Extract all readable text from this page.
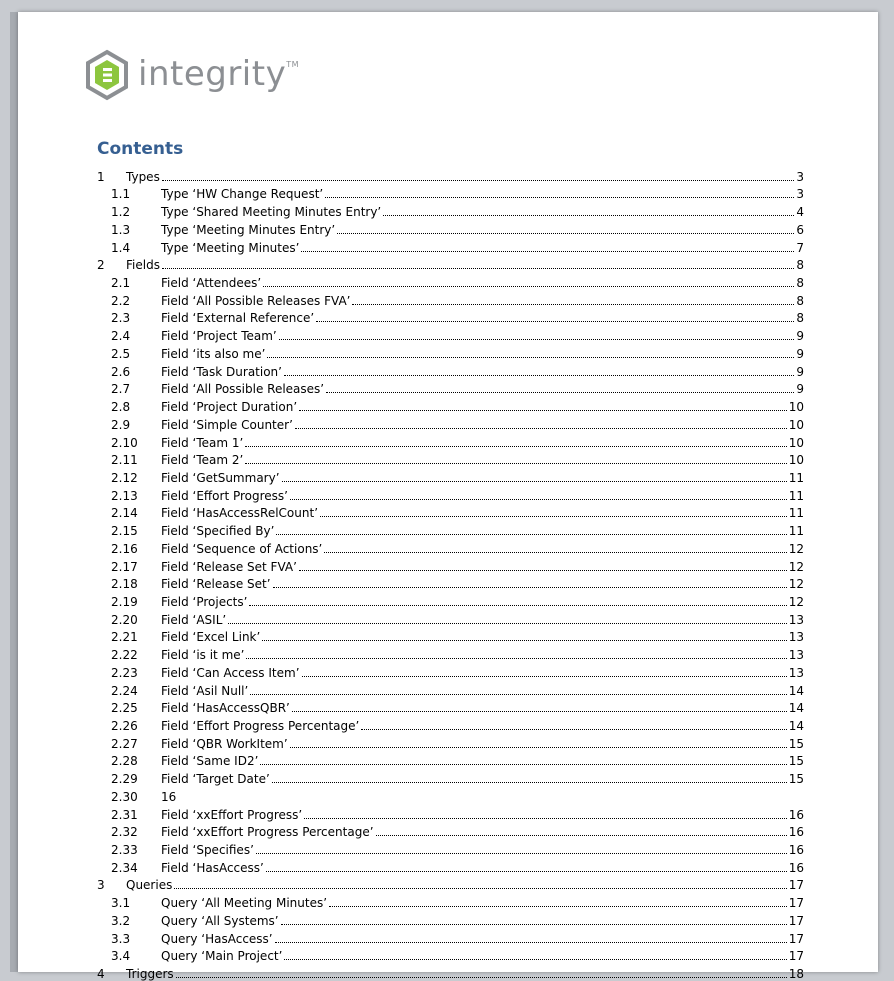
integrity™
Contents
1	Types	3
1.1	Type ‘HW Change Request’	3
1.2	Type ‘Shared Meeting Minutes Entry’	4
1.3	Type ‘Meeting Minutes Entry’	6
1.4	Type ‘Meeting Minutes’	7
2	Fields	8
2.1	Field ‘Attendees’	8
2.2	Field ‘All Possible Releases FVA’	8
2.3	Field ‘External Reference’	8
2.4	Field ‘Project Team’	9
2.5	Field ‘its also me’	9
2.6	Field ‘Task Duration’	9
2.7	Field ‘All Possible Releases’	9
2.8	Field ‘Project Duration’	10
2.9	Field ‘Simple Counter’	10
2.10	Field ‘Team 1’	10
2.11	Field ‘Team 2’	10
2.12	Field ‘GetSummary’	11
2.13	Field ‘Effort Progress’	11
2.14	Field ‘HasAccessRelCount’	11
2.15	Field ‘Specified By’	11
2.16	Field ‘Sequence of Actions’	12
2.17	Field ‘Release Set FVA’	12
2.18	Field ‘Release Set’	12
2.19	Field ‘Projects’	12
2.20	Field ‘ASIL’	13
2.21	Field ‘Excel Link’	13
2.22	Field ‘is it me’	13
2.23	Field ‘Can Access Item’	13
2.24	Field ‘Asil Null’	14
2.25	Field ‘HasAccessQBR’	14
2.26	Field ‘Effort Progress Percentage’	14
2.27	Field ‘QBR WorkItem’	15
2.28	Field ‘Same ID2’	15
2.29	Field ‘Target Date’	15
2.30	16
2.31	Field ‘xxEffort Progress’	16
2.32	Field ‘xxEffort Progress Percentage’	16
2.33	Field ‘Specifies’	16
2.34	Field ‘HasAccess’	16
3	Queries	17
3.1	Query ‘All Meeting Minutes’	17
3.2	Query ‘All Systems’	17
3.3	Query ‘HasAccess’	17
3.4	Query ‘Main Project’	17
4	Triggers	18
